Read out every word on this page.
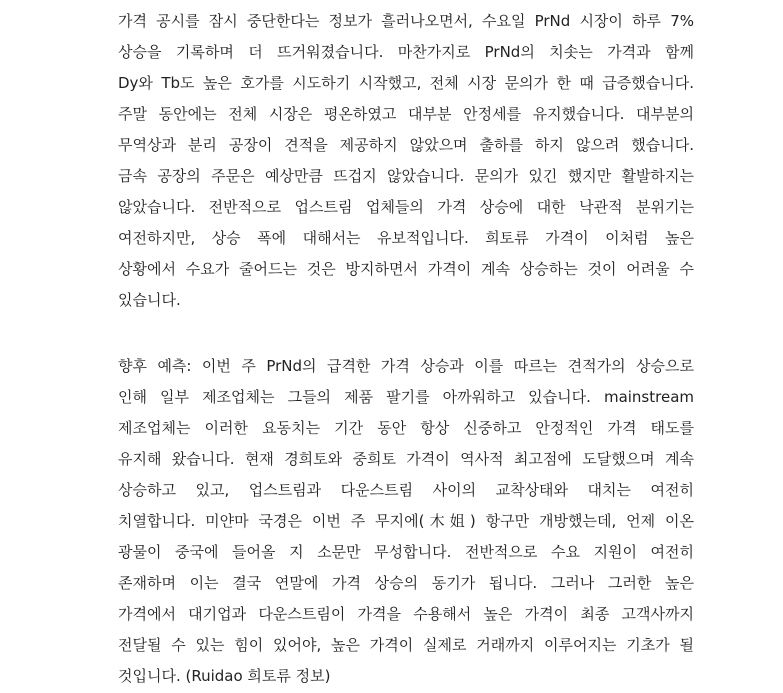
가격 공시를 잠시 중단한다는 정보가 흘러나오면서, 수요일 PrNd 시장이 하루 7%
상승을 기록하며 더 뜨거워졌습니다. 마찬가지로 PrNd의 치솟는 가격과 함께
Dy와 Tb도 높은 호가를 시도하기 시작했고, 전체 시장 문의가 한 때 급증했습니다.
주말 동안에는 전체 시장은 평온하였고 대부분 안정세를 유지했습니다. 대부분의
무역상과 분리 공장이 견적을 제공하지 않았으며 출하를 하지 않으려 했습니다.
금속 공장의 주문은 예상만큼 뜨겁지 않았습니다. 문의가 있긴 했지만 활발하지는
않았습니다. 전반적으로 업스트림 업체들의 가격 상승에 대한 낙관적 분위기는
여전하지만, 상승 폭에 대해서는 유보적입니다. 희토류 가격이 이처럼 높은
상황에서 수요가 줄어드는 것은 방지하면서 가격이 계속 상승하는 것이 어려울 수
있습니다.
향후 예측: 이번 주 PrNd의 급격한 가격 상승과 이를 따르는 견적가의 상승으로
인해 일부 제조업체는 그들의 제품 팔기를 아까워하고 있습니다. mainstream
제조업체는 이러한 요동치는 기간 동안 항상 신중하고 안정적인 가격 태도를
유지해 왔습니다. 현재 경희토와 중희토 가격이 역사적 최고점에 도달했으며 계속
상승하고 있고, 업스트림과 다운스트림 사이의 교착상태와 대치는 여전히
치열합니다. 미얀마 국경은 이번 주 무지에(木姐) 항구만 개방했는데, 언제 이온
광물이 중국에 들어올 지 소문만 무성합니다. 전반적으로 수요 지원이 여전히
존재하며 이는 결국 연말에 가격 상승의 동기가 됩니다. 그러나 그러한 높은
가격에서 대기업과 다운스트림이 가격을 수용해서 높은 가격이 최종 고객사까지
전달될 수 있는 힘이 있어야, 높은 가격이 실제로 거래까지 이루어지는 기초가 될
것입니다. (Ruidao 희토류 정보)
